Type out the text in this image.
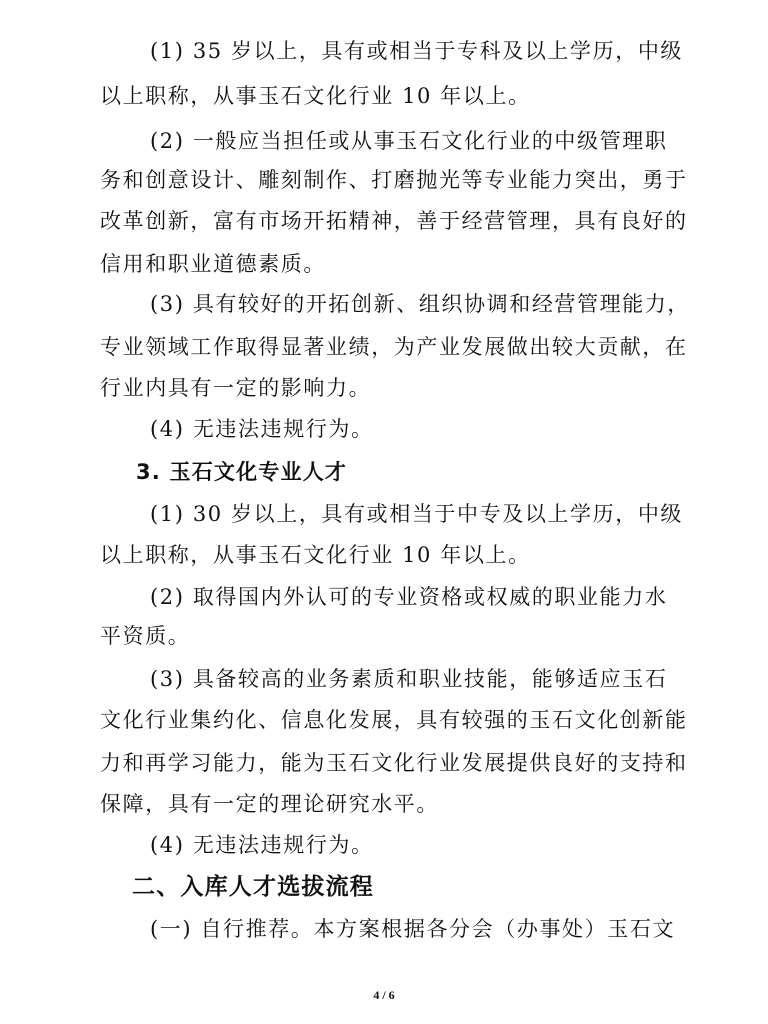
(1) 35 岁以上，具有或相当于专科及以上学历，中级
以上职称，从事玉石文化行业 10 年以上。
(2) 一般应当担任或从事玉石文化行业的中级管理职
务和创意设计、雕刻制作、打磨抛光等专业能力突出，勇于
改革创新，富有市场开拓精神，善于经营管理，具有良好的
信用和职业道德素质。
(3) 具有较好的开拓创新、组织协调和经营管理能力，
专业领域工作取得显著业绩，为产业发展做出较大贡献，在
行业内具有一定的影响力。
(4) 无违法违规行为。
3. 玉石文化专业人才
(1) 30 岁以上，具有或相当于中专及以上学历，中级
以上职称，从事玉石文化行业 10 年以上。
(2) 取得国内外认可的专业资格或权威的职业能力水
平资质。
(3) 具备较高的业务素质和职业技能，能够适应玉石
文化行业集约化、信息化发展，具有较强的玉石文化创新能
力和再学习能力，能为玉石文化行业发展提供良好的支持和
保障，具有一定的理论研究水平。
(4) 无违法违规行为。
二、入库人才选拔流程
(一) 自行推荐。本方案根据各分会（办事处）玉石文
4 / 6
